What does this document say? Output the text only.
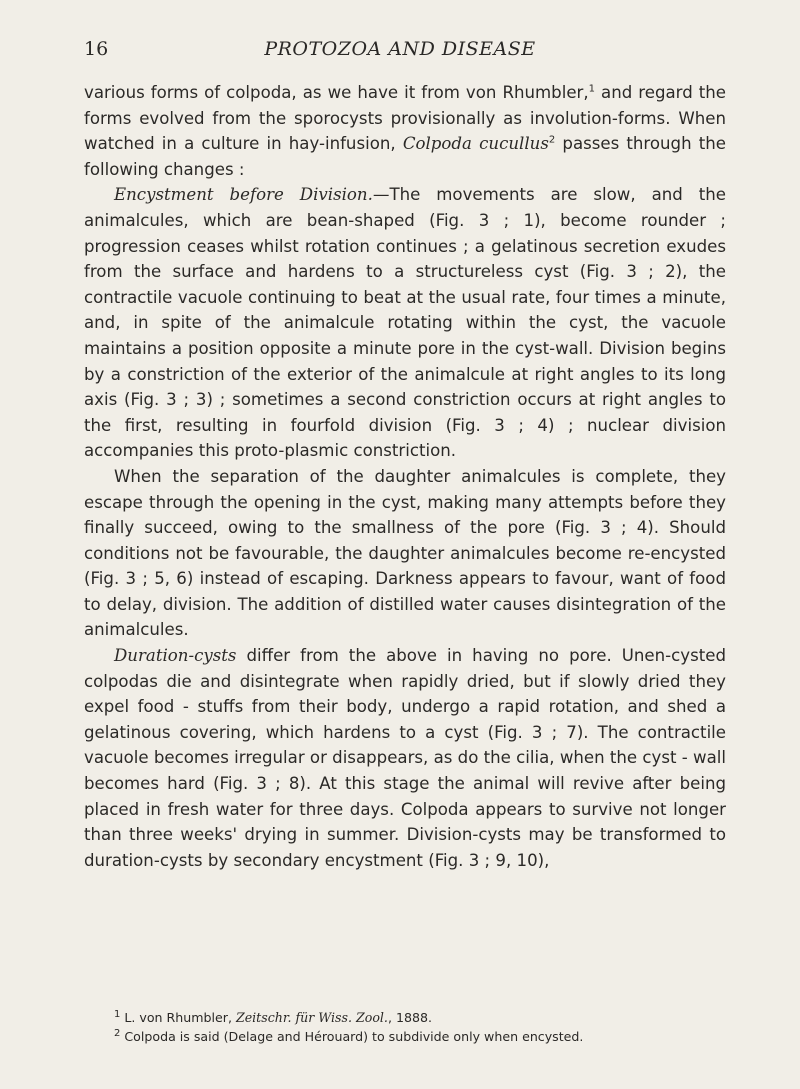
16	PROTOZOA AND DISEASE

various forms of colpoda, as we have it from von Rhumbler,$^1$ and regard the forms evolved from the sporocysts provisionally as involution-forms. When watched in a culture in hay-infusion, Colpoda cucullus$^2$ passes through the following changes :

Encystment before Division.—The movements are slow, and the animalcules, which are bean-shaped (Fig. 3 ; 1), become rounder ; progression ceases whilst rotation continues ; a gelatinous secretion exudes from the surface and hardens to a structureless cyst (Fig. 3 ; 2), the contractile vacuole continuing to beat at the usual rate, four times a minute, and, in spite of the animalcule rotating within the cyst, the vacuole maintains a position opposite a minute pore in the cyst-wall. Division begins by a constriction of the exterior of the animalcule at right angles to its long axis (Fig. 3 ; 3) ; sometimes a second constriction occurs at right angles to the first, resulting in fourfold division (Fig. 3 ; 4) ; nuclear division accompanies this proto-plasmic constriction.

When the separation of the daughter animalcules is complete, they escape through the opening in the cyst, making many attempts before they finally succeed, owing to the smallness of the pore (Fig. 3 ; 4). Should conditions not be favourable, the daughter animalcules become re-encysted (Fig. 3 ; 5, 6) instead of escaping. Darkness appears to favour, want of food to delay, division. The addition of distilled water causes disintegration of the animalcules.

Duration-cysts differ from the above in having no pore. Unen-cysted colpodas die and disintegrate when rapidly dried, but if slowly dried they expel food - stuffs from their body, undergo a rapid rotation, and shed a gelatinous covering, which hardens to a cyst (Fig. 3 ; 7). The contractile vacuole becomes irregular or disappears, as do the cilia, when the cyst - wall becomes hard (Fig. 3 ; 8). At this stage the animal will revive after being placed in fresh water for three days. Colpoda appears to survive not longer than three weeks' drying in summer. Division-cysts may be transformed to duration-cysts by secondary encystment (Fig. 3 ; 9, 10),

$^1$ L. von Rhumbler, Zeitschr. für Wiss. Zool., 1888.
$^2$ Colpoda is said (Delage and Hérouard) to subdivide only when encysted.
